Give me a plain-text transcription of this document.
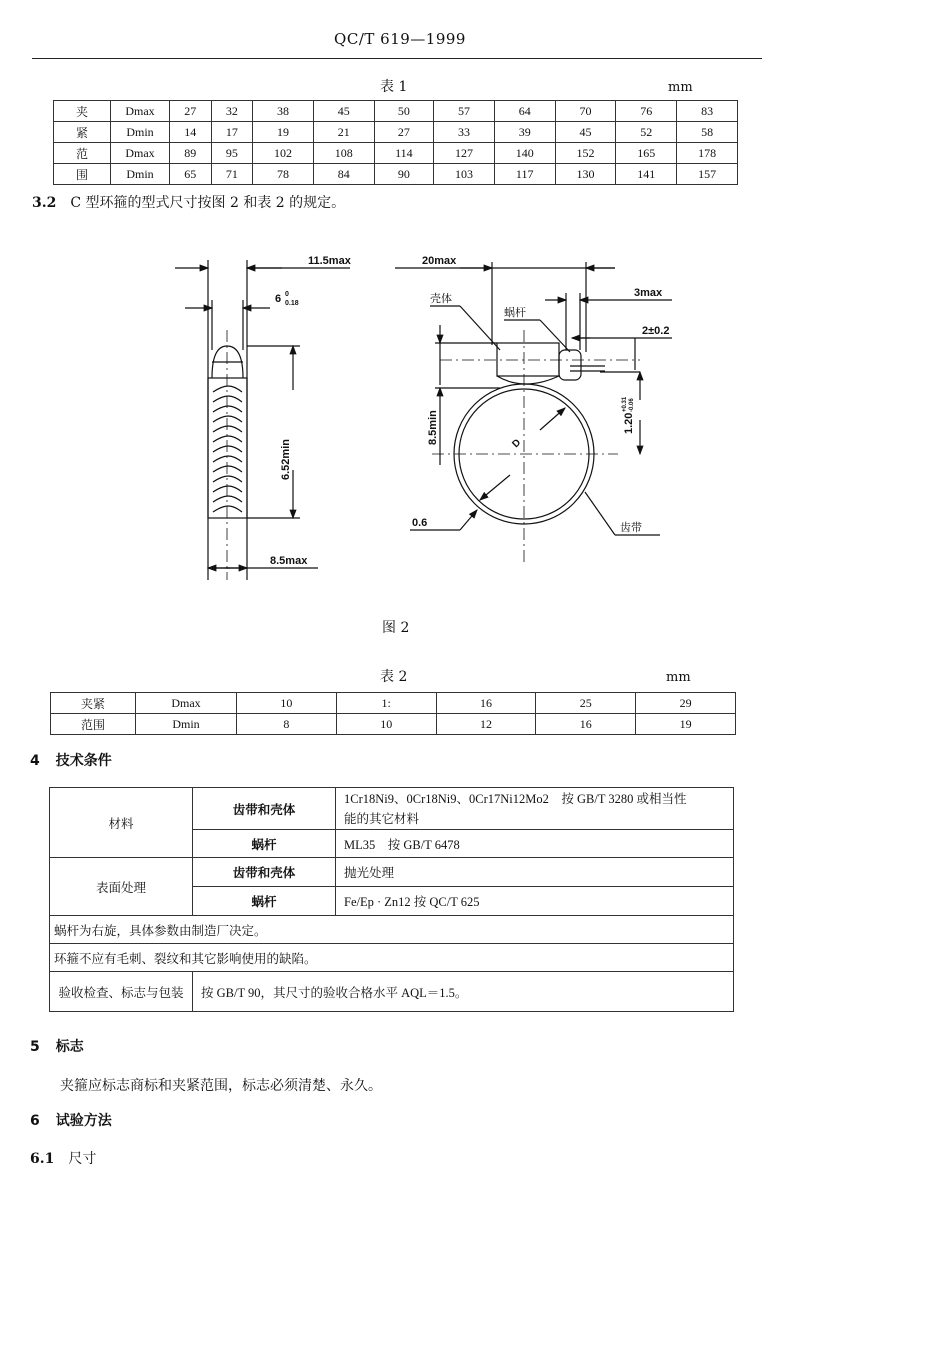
QC/T 619—1999
表 1	mm
夹	Dmax	27	32	38	45	50	57	64	70	76	83
紧	Dmin	14	17	19	21	27	33	39	45	52	58
范	Dmax	89	95	102	108	114	127	140	152	165	178
围	Dmin	65	71	78	84	90	103	117	130	141	157
3.2 C 型环箍的型式尺寸按图 2 和表 2 的规定。
11.5max
6 0
0.18
6.52min
8.5max
20max
壳体
蜗杆
3max
2±0.2
8.5min	1.20
+0.31 -0.06
0.6
D
齿带
图 2
表 2	mm
夹紧	Dmax	10	1:	16	25	29
范围	Dmin	8	10	12	16	19
4 技术条件
材料	齿带和壳体	1Cr18Ni9、0Cr18Ni9、0Cr17Ni12Mo2　按 GB/T 3280 或相当性
能的其它材料

	蜗杆	ML35　按 GB/T 6478
表面处理	齿带和壳体	抛光处理
	蜗杆	Fe/Ep · Zn12 按 QC/T 625
蜗杆为右旋，具体参数由制造厂决定。		
环箍不应有毛刺、裂纹和其它影响使用的缺陷。		
验收检查、标志与包装	按 GB/T 90，其尺寸的验收合格水平 AQL＝1.5。	
5 标志
夹箍应标志商标和夹紧范围，标志必须清楚、永久。
6 试验方法
6.1 尺寸
